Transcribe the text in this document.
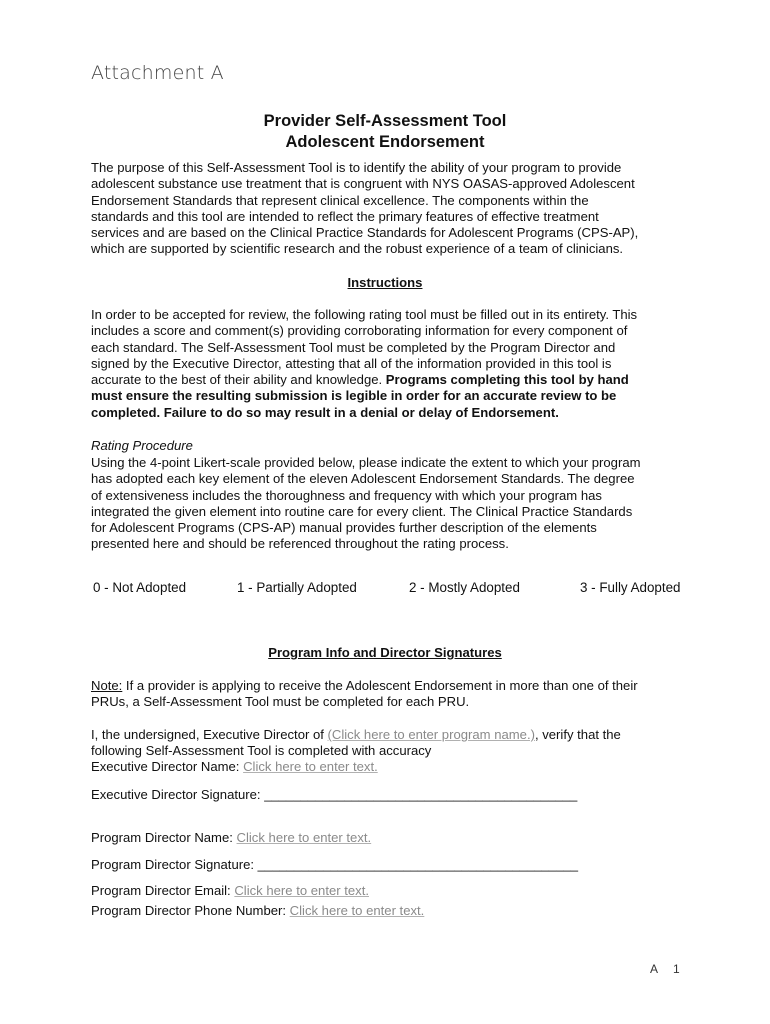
Attachment A
Provider Self-Assessment Tool
Adolescent Endorsement
The purpose of this Self-Assessment Tool is to identify the ability of your program to provide
adolescent substance use treatment that is congruent with NYS OASAS-approved Adolescent
Endorsement Standards that represent clinical excellence. The components within the
standards and this tool are intended to reflect the primary features of effective treatment
services and are based on the Clinical Practice Standards for Adolescent Programs (CPS-AP),
which are supported by scientific research and the robust experience of a team of clinicians.
Instructions
In order to be accepted for review, the following rating tool must be filled out in its entirety. This
includes a score and comment(s) providing corroborating information for every component of
each standard. The Self-Assessment Tool must be completed by the Program Director and
signed by the Executive Director, attesting that all of the information provided in this tool is
accurate to the best of their ability and knowledge. Programs completing this tool by hand
must ensure the resulting submission is legible in order for an accurate review to be
completed. Failure to do so may result in a denial or delay of Endorsement.
Rating Procedure
Using the 4-point Likert-scale provided below, please indicate the extent to which your program
has adopted each key element of the eleven Adolescent Endorsement Standards. The degree
of extensiveness includes the thoroughness and frequency with which your program has
integrated the given element into routine care for every client. The Clinical Practice Standards
for Adolescent Programs (CPS-AP) manual provides further description of the elements
presented here and should be referenced throughout the rating process.
0 - Not Adopted	1 - Partially Adopted	2 - Mostly Adopted	3 - Fully Adopted
Program Info and Director Signatures
Note: If a provider is applying to receive the Adolescent Endorsement in more than one of their
PRUs, a Self-Assessment Tool must be completed for each PRU.
I, the undersigned, Executive Director of (Click here to enter program name.), verify that the
following Self-Assessment Tool is completed with accuracy
Executive Director Name: Click here to enter text.
Executive Director Signature: ___________________________________________
Program Director Name: Click here to enter text.
Program Director Signature: ____________________________________________
Program Director Email: Click here to enter text.
Program Director Phone Number: Click here to enter text.
A 1
